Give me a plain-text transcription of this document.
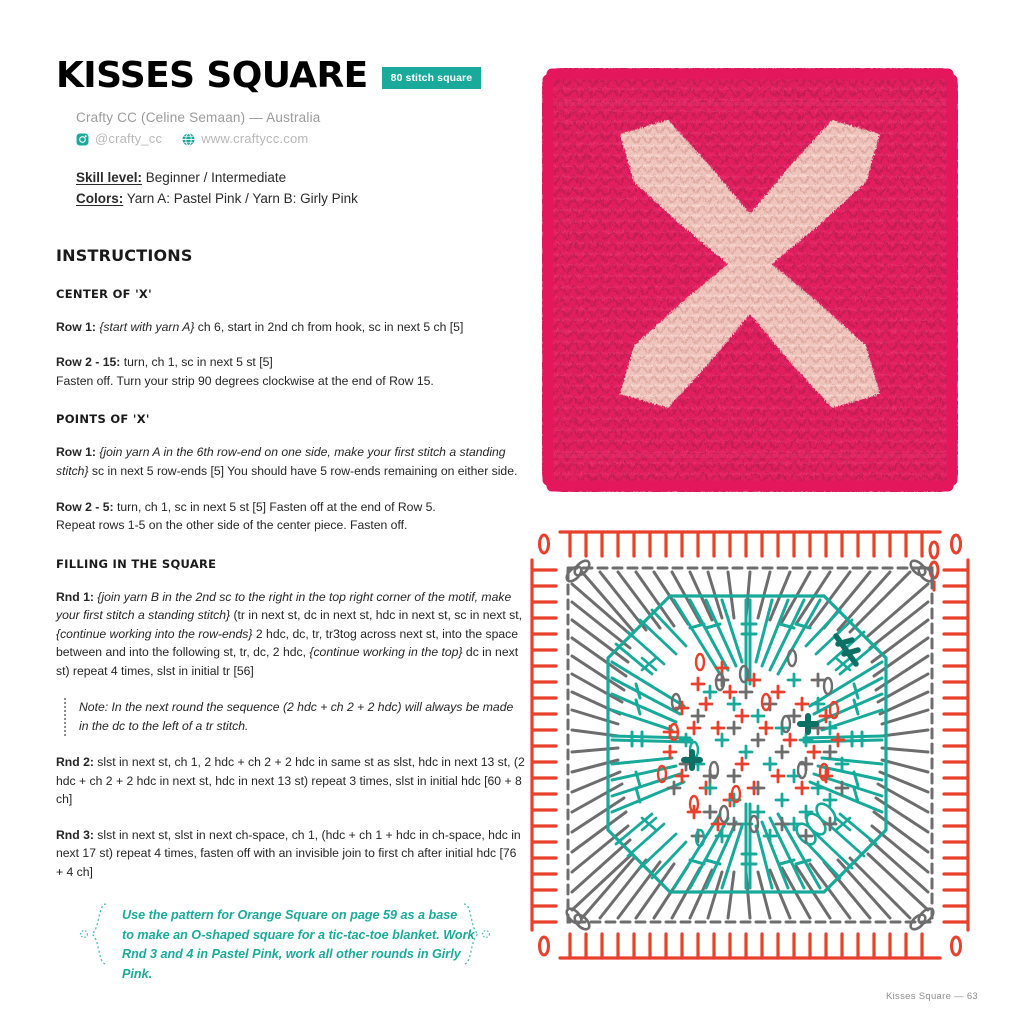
KISSES SQUARE	80 stitch square
Crafty CC (Celine Semaan) — Australia
@crafty_cc	www.craftycc.com
Skill level: Beginner / Intermediate
Colors: Yarn A: Pastel Pink / Yarn B: Girly Pink
INSTRUCTIONS
CENTER OF 'X'

Row 1: {start with yarn A} ch 6, start in 2nd ch from hook, sc in next 5 ch [5]

Row 2 - 15: turn, ch 1, sc in next 5 st [5]
Fasten off. Turn your strip 90 degrees clockwise at the end of Row 15.

POINTS OF 'X'

Row 1: {join yarn A in the 6th row-end on one side, make your first stitch a standing stitch} sc in next 5 row-ends [5] You should have 5 row-ends remaining on either side.

Row 2 - 5: turn, ch 1, sc in next 5 st [5] Fasten off at the end of Row 5.
Repeat rows 1-5 on the other side of the center piece. Fasten off.

FILLING IN THE SQUARE

Rnd 1: {join yarn B in the 2nd sc to the right in the top right corner of the motif, make your first stitch a standing stitch} (tr in next st, dc in next st, hdc in next st, sc in next st, {continue working into the row-ends} 2 hdc, dc, tr, tr3tog across next st, into the space between and into the following st, tr, dc, 2 hdc, {continue working in the top} dc in next st) repeat 4 times, slst in initial tr [56]

Note: In the next round the sequence (2 hdc + ch 2 + 2 hdc) will always be made in the dc to the left of a tr stitch.

Rnd 2: slst in next st, ch 1, 2 hdc + ch 2 + 2 hdc in same st as slst, hdc in next 13 st, (2 hdc + ch 2 + 2 hdc in next st, hdc in next 13 st) repeat 3 times, slst in initial hdc [60 + 8 ch]

Rnd 3: slst in next st, slst in next ch-space, ch 1, (hdc + ch 1 + hdc in ch-space, hdc in next 17 st) repeat 4 times, fasten off with an invisible join to first ch after initial hdc [76 + 4 ch]

Use the pattern for Orange Square on page 59 as a base
to make an O-shaped square for a tic-tac-toe blanket. Work
Rnd 3 and 4 in Pastel Pink, work all other rounds in Girly Pink.
Kisses Square — 63
